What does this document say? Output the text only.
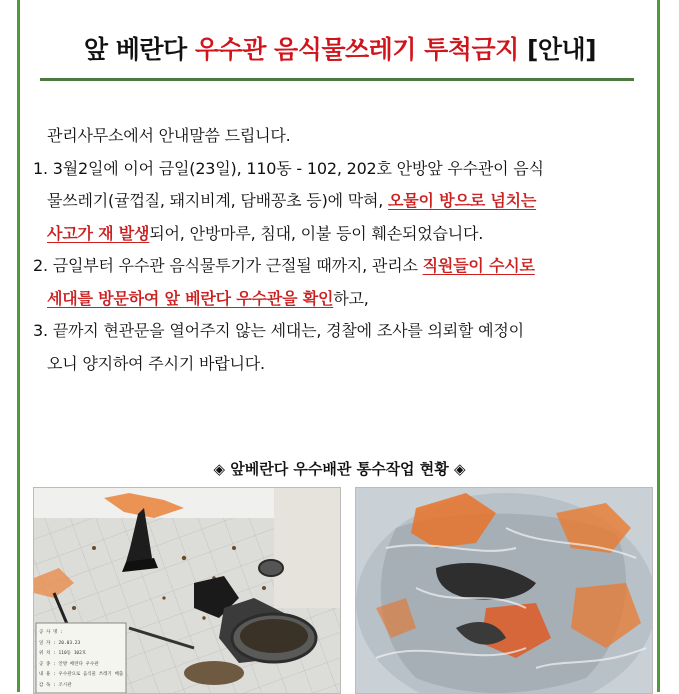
앞 베란다 우수관 음식물쓰레기 투척금지 [안내]
관리사무소에서 안내말씀 드립니다.
1. 3월2일에 이어 금일(23일), 110동 - 102, 202호 안방앞 우수관이 음식
물쓰레기(귤껍질, 돼지비계, 담배꽁초 등)에 막혀, 오물이 방으로 넘치는
사고가 재 발생되어, 안방마루, 침대, 이불 등이 훼손되었습니다.
2. 금일부터 우수관 음식물투기가 근절될 때까지, 관리소 직원들이 수시로
세대를 방문하여 앞 베란다 우수관을 확인하고,
3. 끝까지 현관문을 열어주지 않는 세대는, 경찰에 조사를 의뢰할 예정이
오니 양지하여 주시기 바랍니다.
◈ 앞베란다 우수배관 통수작업 현황 ◈
공 사 명 :
일 자 : 20.03.23
위 치 : 110동 102호
공 종 : 안방 배란다 우수관
내 용 : 우수관으로 음식물 쓰레기 배출
감 독 : 조시관
